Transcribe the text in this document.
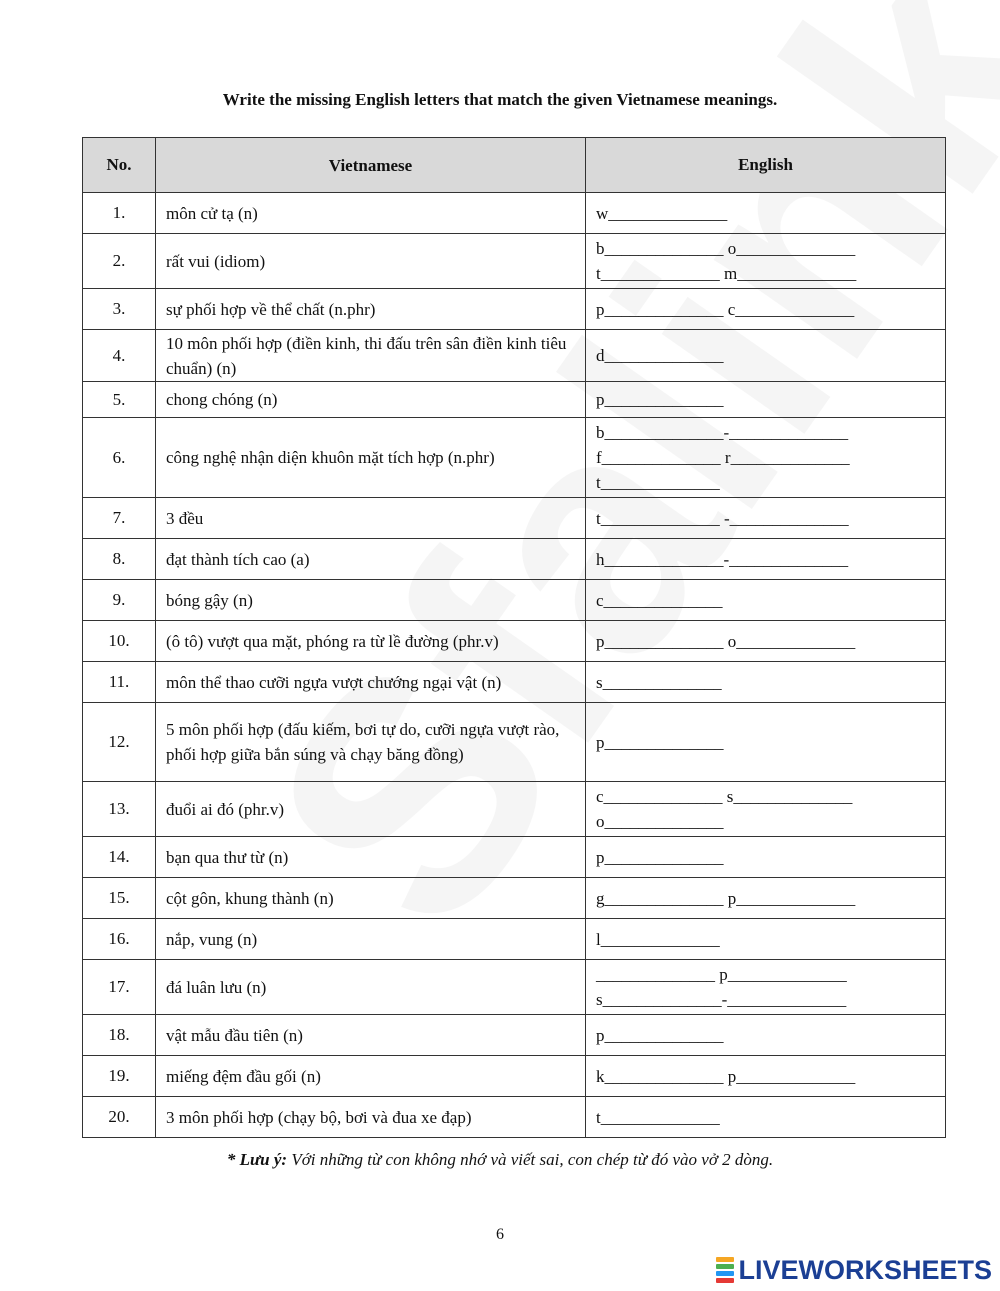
Write the missing English letters that match the given Vietnamese meanings.
No.	Vietnamese	English
1.	môn cử tạ (n)	w______________

2.	rất vui (idiom)	b______________ o______________
t______________ m______________

3.	sự phối hợp về thể chất (n.phr)	p______________ c______________

4.	10 môn phối hợp (điền kinh, thi đấu trên sân điền kinh tiêu chuẩn) (n)	d______________

5.	chong chóng (n)	p______________

6.	công nghệ nhận diện khuôn mặt tích hợp (n.phr)	b______________-______________
f______________ r______________
t______________

7.	3 đều	t______________ -______________

8.	đạt thành tích cao (a)	h______________-______________

9.	bóng gậy (n)	c______________

10.	(ô tô) vượt qua mặt, phóng ra từ lề đường (phr.v)	p______________ o______________

11.	môn thể thao cưỡi ngựa vượt chướng ngại vật (n)	s______________

12.	5 môn phối hợp (đấu kiếm, bơi tự do, cưỡi ngựa vượt rào, phối hợp giữa bắn súng và chạy băng đồng)	p______________

13.	đuổi ai đó (phr.v)	c______________ s______________
o______________

14.	bạn qua thư từ (n)	p______________

15.	cột gôn, khung thành (n)	g______________ p______________

16.	nắp, vung (n)	l______________

17.	đá luân lưu (n)	______________ p______________
s______________-______________

18.	vật mẫu đầu tiên (n)	p______________

19.	miếng đệm đầu gối (n)	k______________ p______________

20.	3 môn phối hợp (chạy bộ, bơi và đua xe đạp)	t______________
* Lưu ý: Với những từ con không nhớ và viết sai, con chép từ đó vào vở 2 dòng.
6
LIVEWORKSHEETS
